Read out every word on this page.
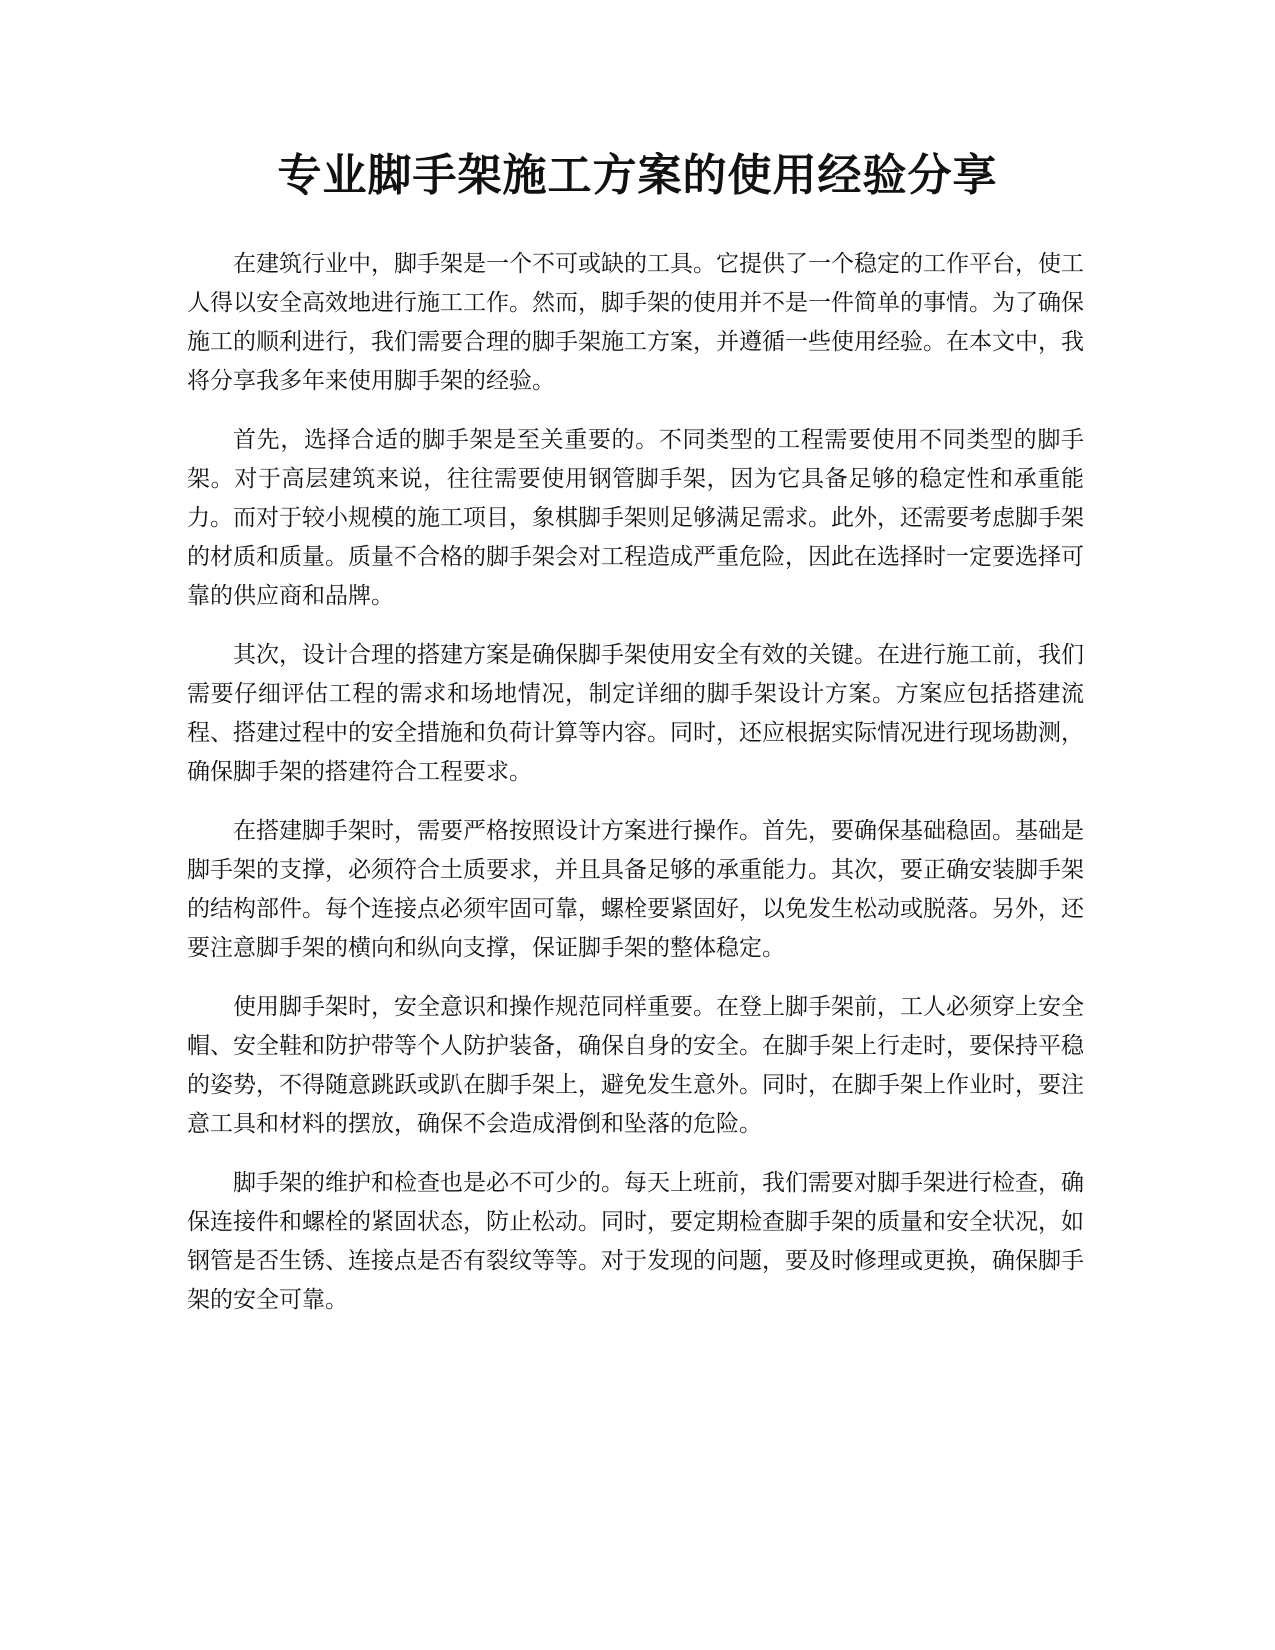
专业脚手架施工方案的使用经验分享

在建筑行业中，脚手架是一个不可或缺的工具。它提供了一个稳定的工作平台，使工人得以安全高效地进行施工工作。然而，脚手架的使用并不是一件简单的事情。为了确保施工的顺利进行，我们需要合理的脚手架施工方案，并遵循一些使用经验。在本文中，我将分享我多年来使用脚手架的经验。

首先，选择合适的脚手架是至关重要的。不同类型的工程需要使用不同类型的脚手架。对于高层建筑来说，往往需要使用钢管脚手架，因为它具备足够的稳定性和承重能力。而对于较小规模的施工项目，象棋脚手架则足够满足需求。此外，还需要考虑脚手架的材质和质量。质量不合格的脚手架会对工程造成严重危险，因此在选择时一定要选择可靠的供应商和品牌。

其次，设计合理的搭建方案是确保脚手架使用安全有效的关键。在进行施工前，我们需要仔细评估工程的需求和场地情况，制定详细的脚手架设计方案。方案应包括搭建流程、搭建过程中的安全措施和负荷计算等内容。同时，还应根据实际情况进行现场勘测，确保脚手架的搭建符合工程要求。

在搭建脚手架时，需要严格按照设计方案进行操作。首先，要确保基础稳固。基础是脚手架的支撑，必须符合土质要求，并且具备足够的承重能力。其次，要正确安装脚手架的结构部件。每个连接点必须牢固可靠，螺栓要紧固好，以免发生松动或脱落。另外，还要注意脚手架的横向和纵向支撑，保证脚手架的整体稳定。

使用脚手架时，安全意识和操作规范同样重要。在登上脚手架前，工人必须穿上安全帽、安全鞋和防护带等个人防护装备，确保自身的安全。在脚手架上行走时，要保持平稳的姿势，不得随意跳跃或趴在脚手架上，避免发生意外。同时，在脚手架上作业时，要注意工具和材料的摆放，确保不会造成滑倒和坠落的危险。

脚手架的维护和检查也是必不可少的。每天上班前，我们需要对脚手架进行检查，确保连接件和螺栓的紧固状态，防止松动。同时，要定期检查脚手架的质量和安全状况，如钢管是否生锈、连接点是否有裂纹等等。对于发现的问题，要及时修理或更换，确保脚手架的安全可靠。
